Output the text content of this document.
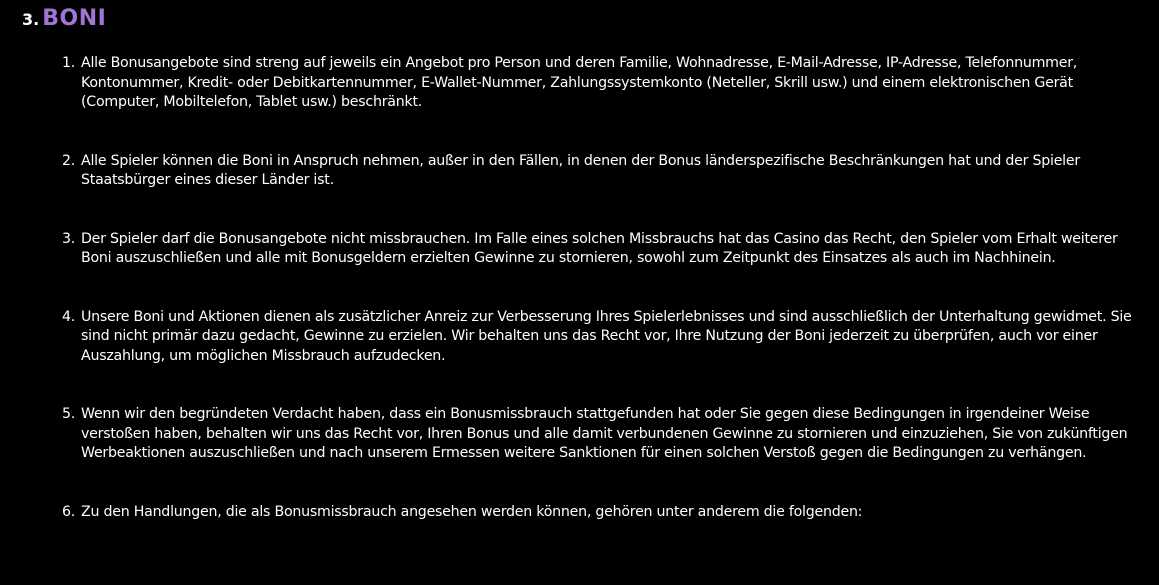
3. BONI
1. Alle Bonusangebote sind streng auf jeweils ein Angebot pro Person und deren Familie, Wohnadresse, E-Mail-Adresse, IP-Adresse, Telefonnummer, Kontonummer, Kredit- oder Debitkartennummer, E-Wallet-Nummer, Zahlungssystemkonto (Neteller, Skrill usw.) und einem elektronischen Gerät (Computer, Mobiltelefon, Tablet usw.) beschränkt.
2. Alle Spieler können die Boni in Anspruch nehmen, außer in den Fällen, in denen der Bonus länderspezifische Beschränkungen hat und der Spieler Staatsbürger eines dieser Länder ist.
3. Der Spieler darf die Bonusangebote nicht missbrauchen. Im Falle eines solchen Missbrauchs hat das Casino das Recht, den Spieler vom Erhalt weiterer Boni auszuschließen und alle mit Bonusgeldern erzielten Gewinne zu stornieren, sowohl zum Zeitpunkt des Einsatzes als auch im Nachhinein.
4. Unsere Boni und Aktionen dienen als zusätzlicher Anreiz zur Verbesserung Ihres Spielerlebnisses und sind ausschließlich der Unterhaltung gewidmet. Sie sind nicht primär dazu gedacht, Gewinne zu erzielen. Wir behalten uns das Recht vor, Ihre Nutzung der Boni jederzeit zu überprüfen, auch vor einer Auszahlung, um möglichen Missbrauch aufzudecken.
5. Wenn wir den begründeten Verdacht haben, dass ein Bonusmissbrauch stattgefunden hat oder Sie gegen diese Bedingungen in irgendeiner Weise verstoßen haben, behalten wir uns das Recht vor, Ihren Bonus und alle damit verbundenen Gewinne zu stornieren und einzuziehen, Sie von zukünftigen Werbeaktionen auszuschließen und nach unserem Ermessen weitere Sanktionen für einen solchen Verstoß gegen die Bedingungen zu verhängen.
6. Zu den Handlungen, die als Bonusmissbrauch angesehen werden können, gehören unter anderem die folgenden:
